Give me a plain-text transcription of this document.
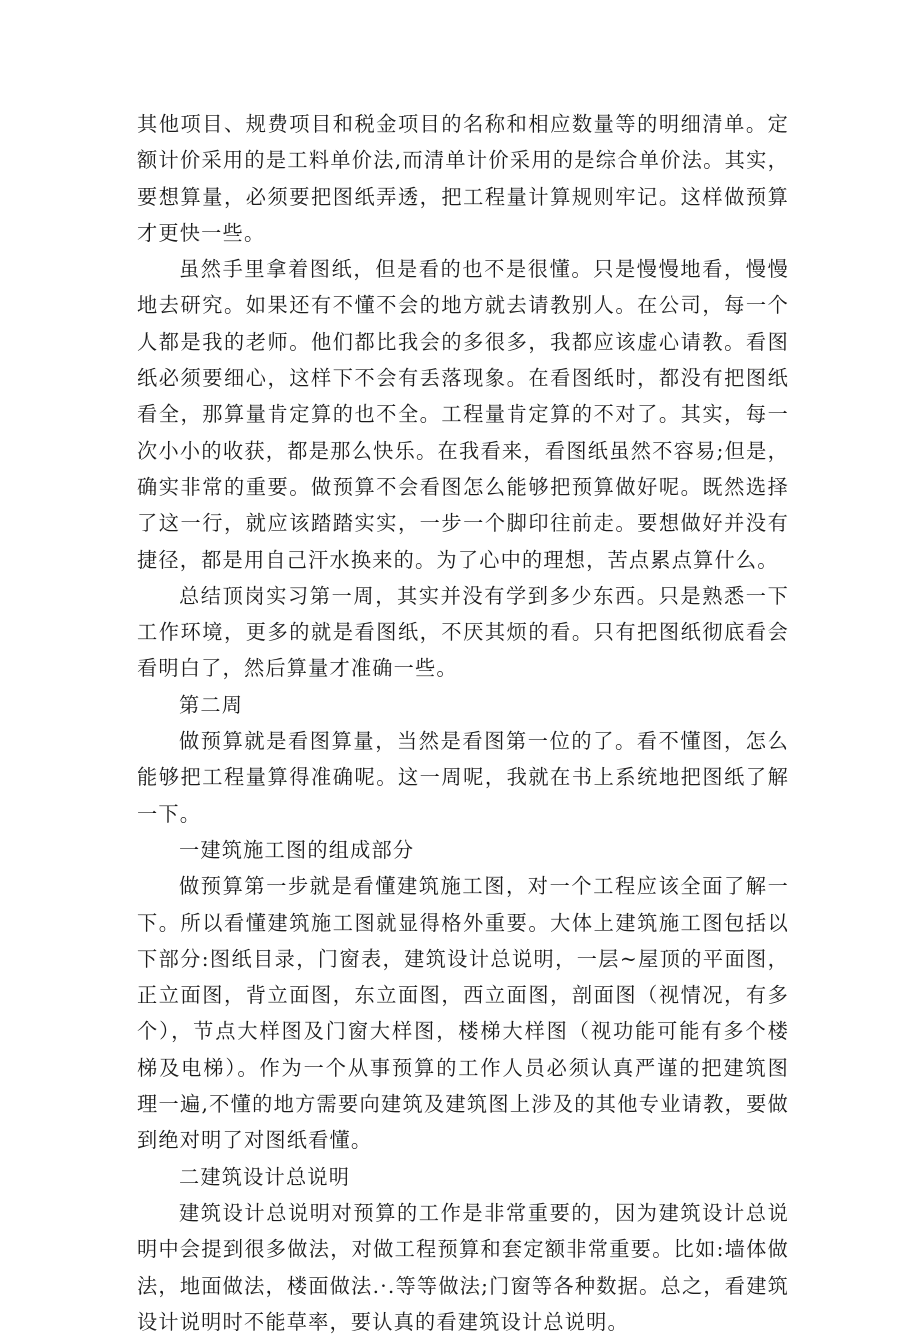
其他项目、规费项目和税金项目的名称和相应数量等的明细清单。定额计价采用的是工料单价法,而清单计价采用的是综合单价法。其实，要想算量，必须要把图纸弄透，把工程量计算规则牢记。这样做预算才更快一些。

虽然手里拿着图纸，但是看的也不是很懂。只是慢慢地看，慢慢地去研究。如果还有不懂不会的地方就去请教别人。在公司，每一个人都是我的老师。他们都比我会的多很多，我都应该虚心请教。看图纸必须要细心，这样下不会有丢落现象。在看图纸时，都没有把图纸看全，那算量肯定算的也不全。工程量肯定算的不对了。其实，每一次小小的收获，都是那么快乐。在我看来，看图纸虽然不容易;但是，确实非常的重要。做预算不会看图怎么能够把预算做好呢。既然选择了这一行，就应该踏踏实实，一步一个脚印往前走。要想做好并没有捷径，都是用自己汗水换来的。为了心中的理想，苦点累点算什么。

总结顶岗实习第一周，其实并没有学到多少东西。只是熟悉一下工作环境，更多的就是看图纸，不厌其烦的看。只有把图纸彻底看会看明白了，然后算量才准确一些。

第二周

做预算就是看图算量，当然是看图第一位的了。看不懂图，怎么能够把工程量算得准确呢。这一周呢，我就在书上系统地把图纸了解一下。

一建筑施工图的组成部分

做预算第一步就是看懂建筑施工图，对一个工程应该全面了解一下。所以看懂建筑施工图就显得格外重要。大体上建筑施工图包括以下部分:图纸目录，门窗表，建筑设计总说明，一层~屋顶的平面图，正立面图，背立面图，东立面图，西立面图，剖面图（视情况，有多个），节点大样图及门窗大样图，楼梯大样图（视功能可能有多个楼梯及电梯）。作为一个从事预算的工作人员必须认真严谨的把建筑图理一遍,不懂的地方需要向建筑及建筑图上涉及的其他专业请教，要做到绝对明了对图纸看懂。

二建筑设计总说明

建筑设计总说明对预算的工作是非常重要的，因为建筑设计总说明中会提到很多做法，对做工程预算和套定额非常重要。比如:墙体做法，地面做法，楼面做法.·.等等做法;门窗等各种数据。总之，看建筑设计说明时不能草率，要认真的看建筑设计总说明。
